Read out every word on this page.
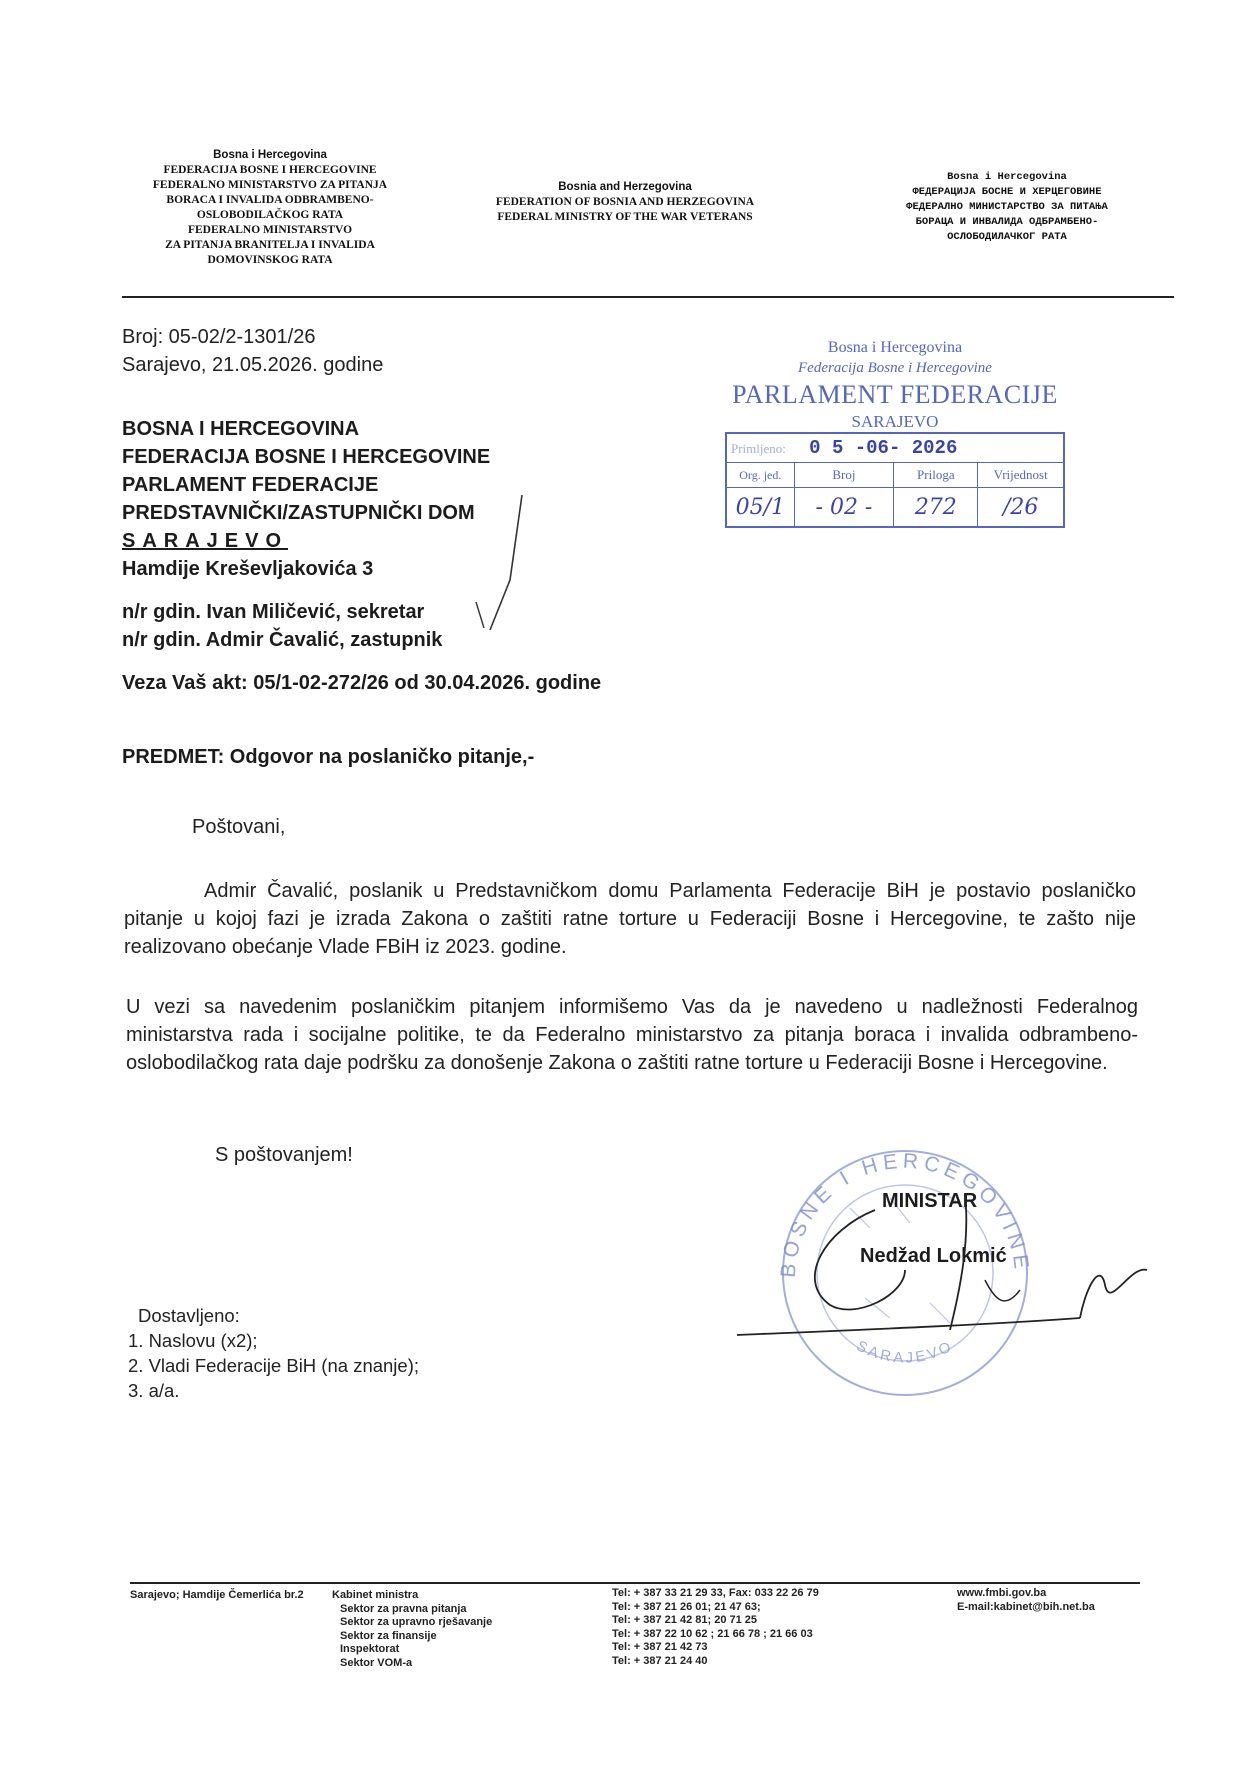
Bosna i Hercegovina
FEDERACIJA BOSNE I HERCEGOVINE
FEDERALNO MINISTARSTVO ZA PITANJA
BORACA I INVALIDA ODBRAMBENO-
OSLOBODILAČKOG RATA
FEDERALNO MINISTARSTVO
ZA PITANJA BRANITELJA I INVALIDA
DOMOVINSKOG RATA
Bosnia and Herzegovina
FEDERATION OF BOSNIA AND HERZEGOVINA
FEDERAL MINISTRY OF THE WAR VETERANS
Bosna i Hercegovina
ФЕДЕРАЦИЈА БОСНЕ И ХЕРЦЕГОВИНЕ
ФЕДЕРАЛНО МИНИСТАРСТВО ЗА ПИТАЊА
БОРАЦА И ИНВАЛИДА ОДБРАМБЕНО-
ОСЛОБОДИЛАЧКОГ РАТА
Broj: 05-02/2-1301/26
Sarajevo, 21.05.2026. godine
Bosna i Hercegovina
Federacija Bosne i Hercegovine
PARLAMENT FEDERACIJE
SARAJEVO
Primljeno: 0 5 -06- 2026			
Org. jed.	Broj	Priloga	Vrijednost
05/1	- 02 -	272	/26
BOSNA I HERCEGOVINA
FEDERACIJA BOSNE I HERCEGOVINE
PARLAMENT FEDERACIJE
PREDSTAVNIČKI/ZASTUPNIČKI DOM
SARAJEVO
Hamdije Kreševljakovića 3
n/r gdin. Ivan Miličević, sekretar
n/r gdin. Admir Čavalić, zastupnik
Veza Vaš akt: 05/1-02-272/26 od 30.04.2026. godine
PREDMET: Odgovor na poslaničko pitanje,-
Poštovani,

Admir Čavalić, poslanik u Predstavničkom domu Parlamenta Federacije BiH je postavio poslaničko pitanje u kojoj fazi je izrada Zakona o zaštiti ratne torture u Federaciji Bosne i Hercegovine, te zašto nije realizovano obećanje Vlade FBiH iz 2023. godine.

U vezi sa navedenim poslaničkim pitanjem informišemo Vas da je navedeno u nadležnosti Federalnog ministarstva rada i socijalne politike, te da Federalno ministarstvo za pitanja boraca i invalida odbrambeno-oslobodilačkog rata daje podršku za donošenje Zakona o zaštiti ratne torture u Federaciji Bosne i Hercegovine.

S poštovanjem!
BOSNE I HERCEGOVINE
SARAJEVO
MINISTAR
Nedžad Lokmić
Dostavljeno:
1. Naslovu (x2);
2. Vladi Federacije BiH (na znanje);
3. a/a.
Sarajevo; Hamdije Čemerlića br.2	Kabinet ministra
Sektor za pravna pitanja
Sektor za upravno rješavanje
Sektor za finansije
Inspektorat
Sektor VOM-a
Tel: + 387 33 21 29 33, Fax: 033 22 26 79
Tel: + 387 21 26 01; 21 47 63;
Tel: + 387 21 42 81; 20 71 25
Tel: + 387 22 10 62 ; 21 66 78 ; 21 66 03
Tel: + 387 21 42 73
Tel: + 387 21 24 40
www.fmbi.gov.ba
E-mail:kabinet@bih.net.ba
